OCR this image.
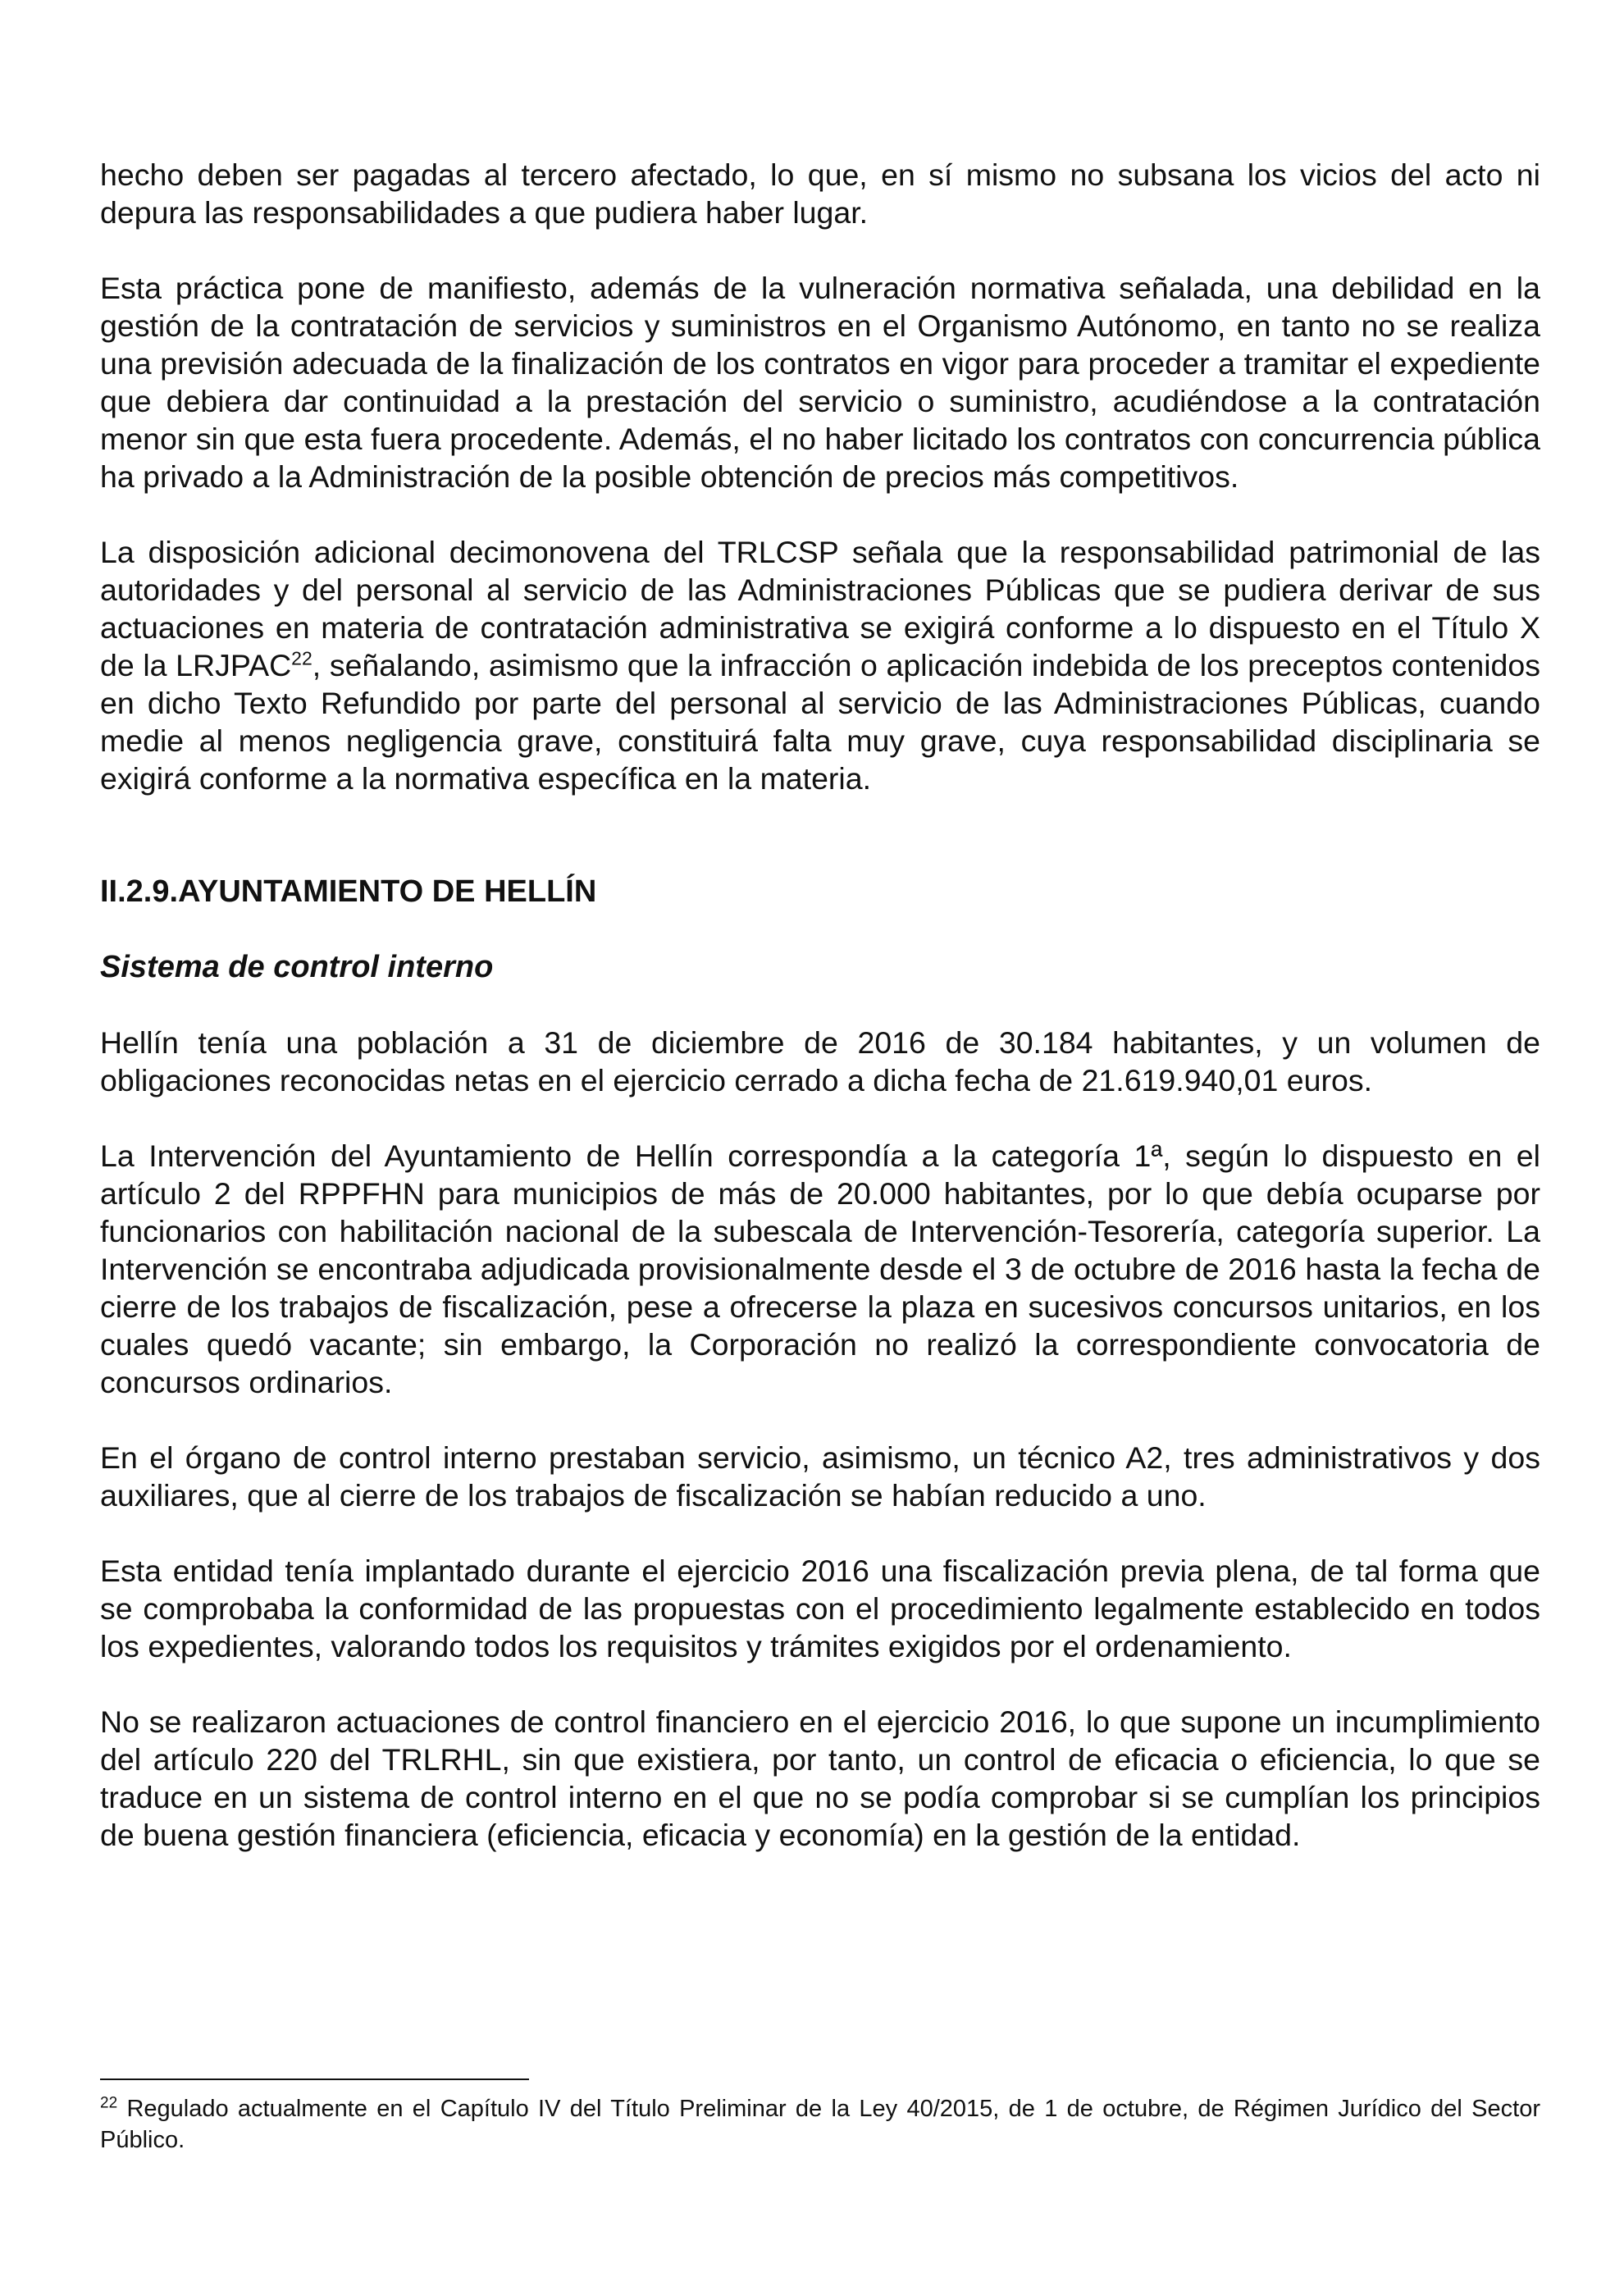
hecho deben ser pagadas al tercero afectado, lo que, en sí mismo no subsana los vicios del acto ni depura las responsabilidades a que pudiera haber lugar.

Esta práctica pone de manifiesto, además de la vulneración normativa señalada, una debilidad en la gestión de la contratación de servicios y suministros en el Organismo Autónomo, en tanto no se realiza una previsión adecuada de la finalización de los contratos en vigor para proceder a tramitar el expediente que debiera dar continuidad a la prestación del servicio o suministro, acudiéndose a la contratación menor sin que esta fuera procedente. Además, el no haber licitado los contratos con concurrencia pública ha privado a la Administración de la posible obtención de precios más competitivos.

La disposición adicional decimonovena del TRLCSP señala que la responsabilidad patrimonial de las autoridades y del personal al servicio de las Administraciones Públicas que se pudiera derivar de sus actuaciones en materia de contratación administrativa se exigirá conforme a lo dispuesto en el Título X de la LRJPAC$^{22}$, señalando, asimismo que la infracción o aplicación indebida de los preceptos contenidos en dicho Texto Refundido por parte del personal al servicio de las Administraciones Públicas, cuando medie al menos negligencia grave, constituirá falta muy grave, cuya responsabilidad disciplinaria se exigirá conforme a la normativa específica en la materia.

II.2.9. AYUNTAMIENTO DE HELLÍN
Sistema de control interno

Hellín tenía una población a 31 de diciembre de 2016 de 30.184 habitantes, y un volumen de obligaciones reconocidas netas en el ejercicio cerrado a dicha fecha de 21.619.940,01 euros.

La Intervención del Ayuntamiento de Hellín correspondía a la categoría 1ª, según lo dispuesto en el artículo 2 del RPPFHN para municipios de más de 20.000 habitantes, por lo que debía ocuparse por funcionarios con habilitación nacional de la subescala de Intervención-Tesorería, categoría superior. La Intervención se encontraba adjudicada provisionalmente desde el 3 de octubre de 2016 hasta la fecha de cierre de los trabajos de fiscalización, pese a ofrecerse la plaza en sucesivos concursos unitarios, en los cuales quedó vacante; sin embargo, la Corporación no realizó la correspondiente convocatoria de concursos ordinarios.

En el órgano de control interno prestaban servicio, asimismo, un técnico A2, tres administrativos y dos auxiliares, que al cierre de los trabajos de fiscalización se habían reducido a uno.

Esta entidad tenía implantado durante el ejercicio 2016 una fiscalización previa plena, de tal forma que se comprobaba la conformidad de las propuestas con el procedimiento legalmente establecido en todos los expedientes, valorando todos los requisitos y trámites exigidos por el ordenamiento.

No se realizaron actuaciones de control financiero en el ejercicio 2016, lo que supone un incumplimiento del artículo 220 del TRLRHL, sin que existiera, por tanto, un control de eficacia o eficiencia, lo que se traduce en un sistema de control interno en el que no se podía comprobar si se cumplían los principios de buena gestión financiera (eficiencia, eficacia y economía) en la gestión de la entidad.

$^{22}$ Regulado actualmente en el Capítulo IV del Título Preliminar de la Ley 40/2015, de 1 de octubre, de Régimen Jurídico del Sector Público.
